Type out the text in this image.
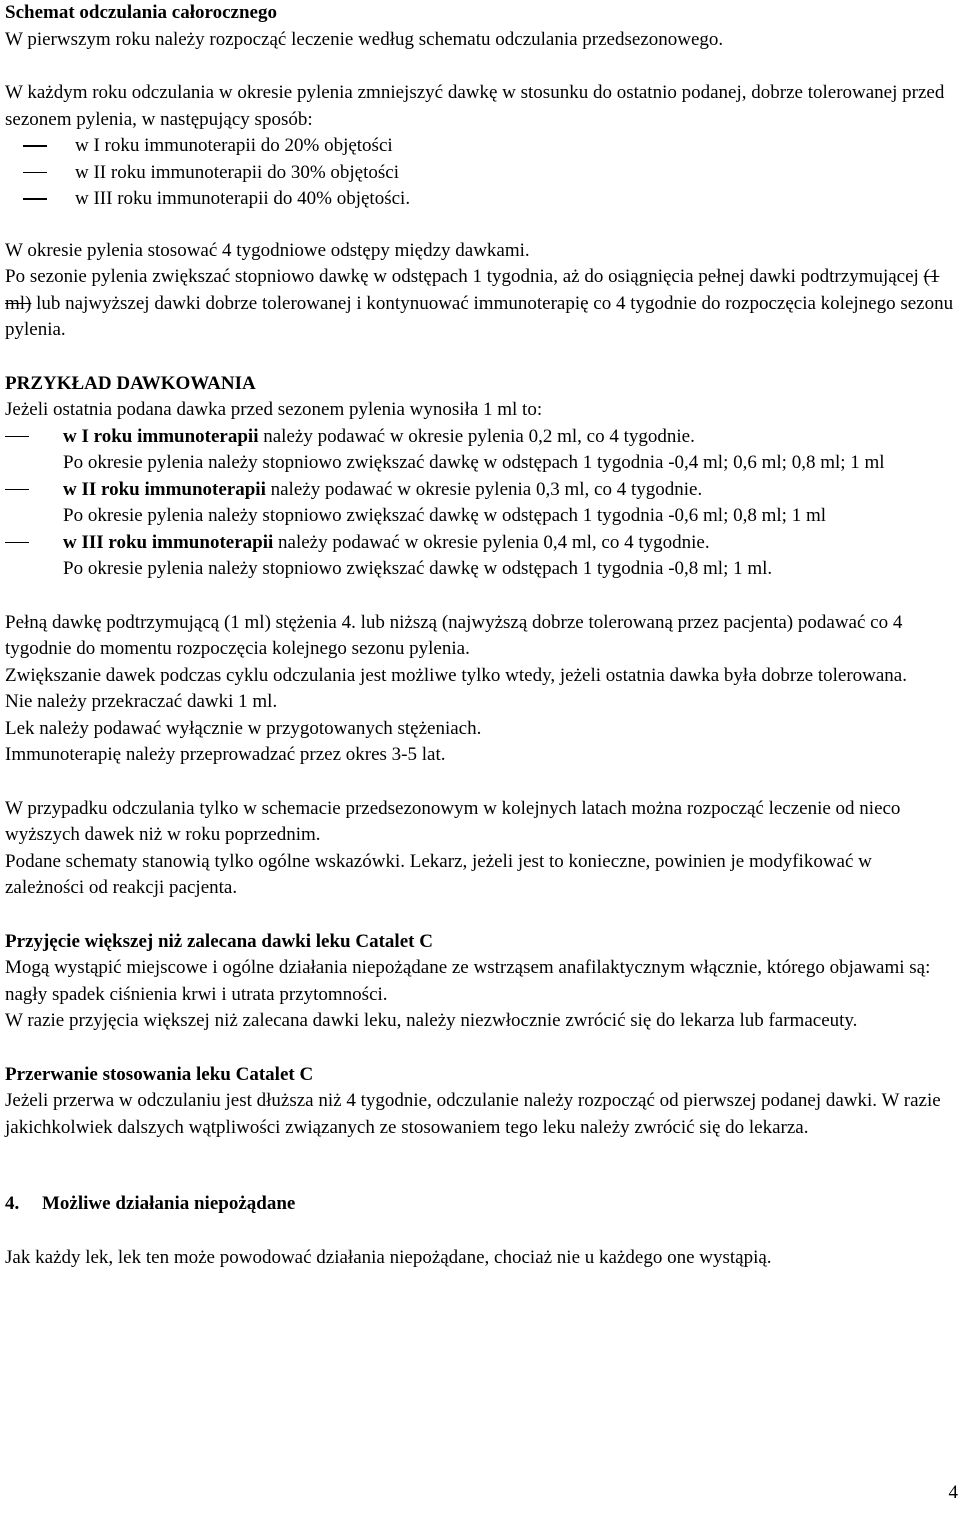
Schemat odczulania całorocznego

W pierwszym roku należy rozpocząć leczenie według schematu odczulania przedsezonowego.

W każdym roku odczulania w okresie pylenia zmniejszyć dawkę w stosunku do ostatnio podanej, dobrze tolerowanej przed sezonem pylenia, w następujący sposób:

w I roku immunoterapii do 20% objętości
w II roku immunoterapii do 30% objętości
w III roku immunoterapii do 40% objętości.

W okresie pylenia stosować 4 tygodniowe odstępy między dawkami.

Po sezonie pylenia zwiększać stopniowo dawkę w odstępach 1 tygodnia, aż do osiągnięcia pełnej dawki podtrzymującej (1 ml) lub najwyższej dawki dobrze tolerowanej i kontynuować immunoterapię co 4 tygodnie do rozpoczęcia kolejnego sezonu pylenia.

PRZYKŁAD DAWKOWANIA

Jeżeli ostatnia podana dawka przed sezonem pylenia wynosiła 1 ml to:

w I roku immunoterapii należy podawać w okresie pylenia 0,2 ml, co 4 tygodnie.

Po okresie pylenia należy stopniowo zwiększać dawkę w odstępach 1 tygodnia -0,4 ml; 0,6 ml; 0,8 ml; 1 ml

w II roku immunoterapii należy podawać w okresie pylenia 0,3 ml, co 4 tygodnie.

Po okresie pylenia należy stopniowo zwiększać dawkę w odstępach 1 tygodnia -0,6 ml; 0,8 ml; 1 ml

w III roku immunoterapii należy podawać w okresie pylenia 0,4 ml, co 4 tygodnie.

Po okresie pylenia należy stopniowo zwiększać dawkę w odstępach 1 tygodnia -0,8 ml; 1 ml.

Pełną dawkę podtrzymującą (1 ml) stężenia 4. lub niższą (najwyższą dobrze tolerowaną przez pacjenta) podawać co 4 tygodnie do momentu rozpoczęcia kolejnego sezonu pylenia.

Zwiększanie dawek podczas cyklu odczulania jest możliwe tylko wtedy, jeżeli ostatnia dawka była dobrze tolerowana.

Nie należy przekraczać dawki 1 ml.

Lek należy podawać wyłącznie w przygotowanych stężeniach.

Immunoterapię należy przeprowadzać przez okres 3-5 lat.

W przypadku odczulania tylko w schemacie przedsezonowym w kolejnych latach można rozpocząć leczenie od nieco wyższych dawek niż w roku poprzednim.

Podane schematy stanowią tylko ogólne wskazówki. Lekarz, jeżeli jest to konieczne, powinien je modyfikować w zależności od reakcji pacjenta.

Przyjęcie większej niż zalecana dawki leku Catalet C

Mogą wystąpić miejscowe i ogólne działania niepożądane ze wstrząsem anafilaktycznym włącznie, którego objawami są: nagły spadek ciśnienia krwi i utrata przytomności.

W razie przyjęcia większej niż zalecana dawki leku, należy niezwłocznie zwrócić się do lekarza lub farmaceuty.

Przerwanie stosowania leku Catalet C

Jeżeli przerwa w odczulaniu jest dłuższa niż 4 tygodnie, odczulanie należy rozpocząć od pierwszej podanej dawki. W razie jakichkolwiek dalszych wątpliwości związanych ze stosowaniem tego leku należy zwrócić się do lekarza.

4. Możliwe działania niepożądane

Jak każdy lek, lek ten może powodować działania niepożądane, chociaż nie u każdego one wystąpią.

4
